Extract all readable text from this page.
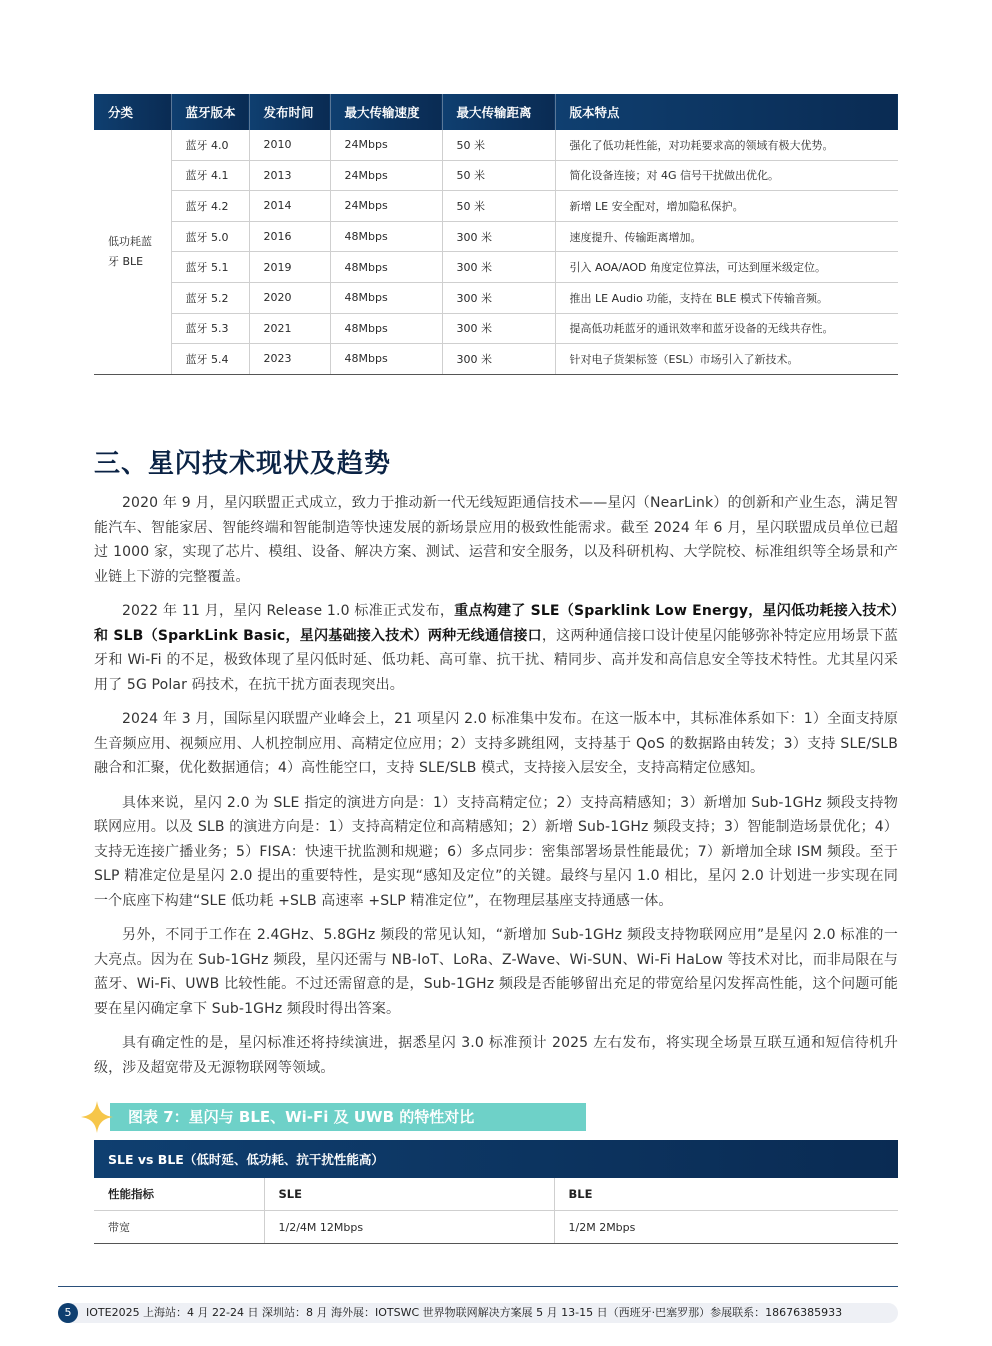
分类	蓝牙版本	发布时间	最大传输速度	最大传输距离	版本特点
低功耗蓝牙 BLE	蓝牙 4.0	2010	24Mbps	50 米	强化了低功耗性能，对功耗要求高的领域有极大优势。
	蓝牙 4.1	2013	24Mbps	50 米	简化设备连接；对 4G 信号干扰做出优化。
	蓝牙 4.2	2014	24Mbps	50 米	新增 LE 安全配对，增加隐私保护。
	蓝牙 5.0	2016	48Mbps	300 米	速度提升、传输距离增加。
	蓝牙 5.1	2019	48Mbps	300 米	引入 AOA/AOD 角度定位算法，可达到厘米级定位。
	蓝牙 5.2	2020	48Mbps	300 米	推出 LE Audio 功能，支持在 BLE 模式下传输音频。
	蓝牙 5.3	2021	48Mbps	300 米	提高低功耗蓝牙的通讯效率和蓝牙设备的无线共存性。
	蓝牙 5.4	2023	48Mbps	300 米	针对电子货架标签（ESL）市场引入了新技术。
三、星闪技术现状及趋势

2020 年 9 月，星闪联盟正式成立，致力于推动新一代无线短距通信技术——星闪（NearLink）的创新和产业生态，满足智能汽车、智能家居、智能终端和智能制造等快速发展的新场景应用的极致性能需求。截至 2024 年 6 月，星闪联盟成员单位已超过 1000 家，实现了芯片、模组、设备、解决方案、测试、运营和安全服务，以及科研机构、大学院校、标准组织等全场景和产业链上下游的完整覆盖。

2022 年 11 月，星闪 Release 1.0 标准正式发布，重点构建了 SLE（Sparklink Low Energy，星闪低功耗接入技术）和 SLB（SparkLink Basic，星闪基础接入技术）两种无线通信接口，这两种通信接口设计使星闪能够弥补特定应用场景下蓝牙和 Wi-Fi 的不足，极致体现了星闪低时延、低功耗、高可靠、抗干扰、精同步、高并发和高信息安全等技术特性。尤其星闪采用了 5G Polar 码技术，在抗干扰方面表现突出。

2024 年 3 月，国际星闪联盟产业峰会上，21 项星闪 2.0 标准集中发布。在这一版本中，其标准体系如下：1）全面支持原生音频应用、视频应用、人机控制应用、高精定位应用；2）支持多跳组网，支持基于 QoS 的数据路由转发；3）支持 SLE/SLB 融合和汇聚，优化数据通信；4）高性能空口，支持 SLE/SLB 模式，支持接入层安全，支持高精定位感知。

具体来说，星闪 2.0 为 SLE 指定的演进方向是：1）支持高精定位；2）支持高精感知；3）新增加 Sub-1GHz 频段支持物联网应用。以及 SLB 的演进方向是：1）支持高精定位和高精感知；2）新增 Sub-1GHz 频段支持；3）智能制造场景优化；4）支持无连接广播业务；5）FISA：快速干扰监测和规避；6）多点同步：密集部署场景性能最优；7）新增加全球 ISM 频段。至于 SLP 精准定位是星闪 2.0 提出的重要特性，是实现“感知及定位”的关键。最终与星闪 1.0 相比，星闪 2.0 计划进一步实现在同一个底座下构建“SLE 低功耗 +SLB 高速率 +SLP 精准定位”，在物理层基座支持通感一体。

另外，不同于工作在 2.4GHz、5.8GHz 频段的常见认知，“新增加 Sub-1GHz 频段支持物联网应用”是星闪 2.0 标准的一大亮点。因为在 Sub-1GHz 频段，星闪还需与 NB-IoT、LoRa、Z-Wave、Wi-SUN、Wi-Fi HaLow 等技术对比，而非局限在与蓝牙、Wi-Fi、UWB 比较性能。不过还需留意的是，Sub-1GHz 频段是否能够留出充足的带宽给星闪发挥高性能，这个问题可能要在星闪确定拿下 Sub-1GHz 频段时得出答案。

具有确定性的是，星闪标准还将持续演进，据悉星闪 3.0 标准预计 2025 左右发布，将实现全场景互联互通和短信待机升级，涉及超宽带及无源物联网等领域。

图表 7：星闪与 BLE、Wi-Fi 及 UWB 的特性对比
SLE vs BLE（低时延、低功耗、抗干扰性能高）		
性能指标	SLE	BLE
带宽	1/2/4M 12Mbps	1/2M 2Mbps
5	IOTE2025 上海站：4 月 22-24 日 深圳站：8 月 海外展：IOTSWC 世界物联网解决方案展 5 月 13-15 日（西班牙·巴塞罗那）参展联系：18676385933
